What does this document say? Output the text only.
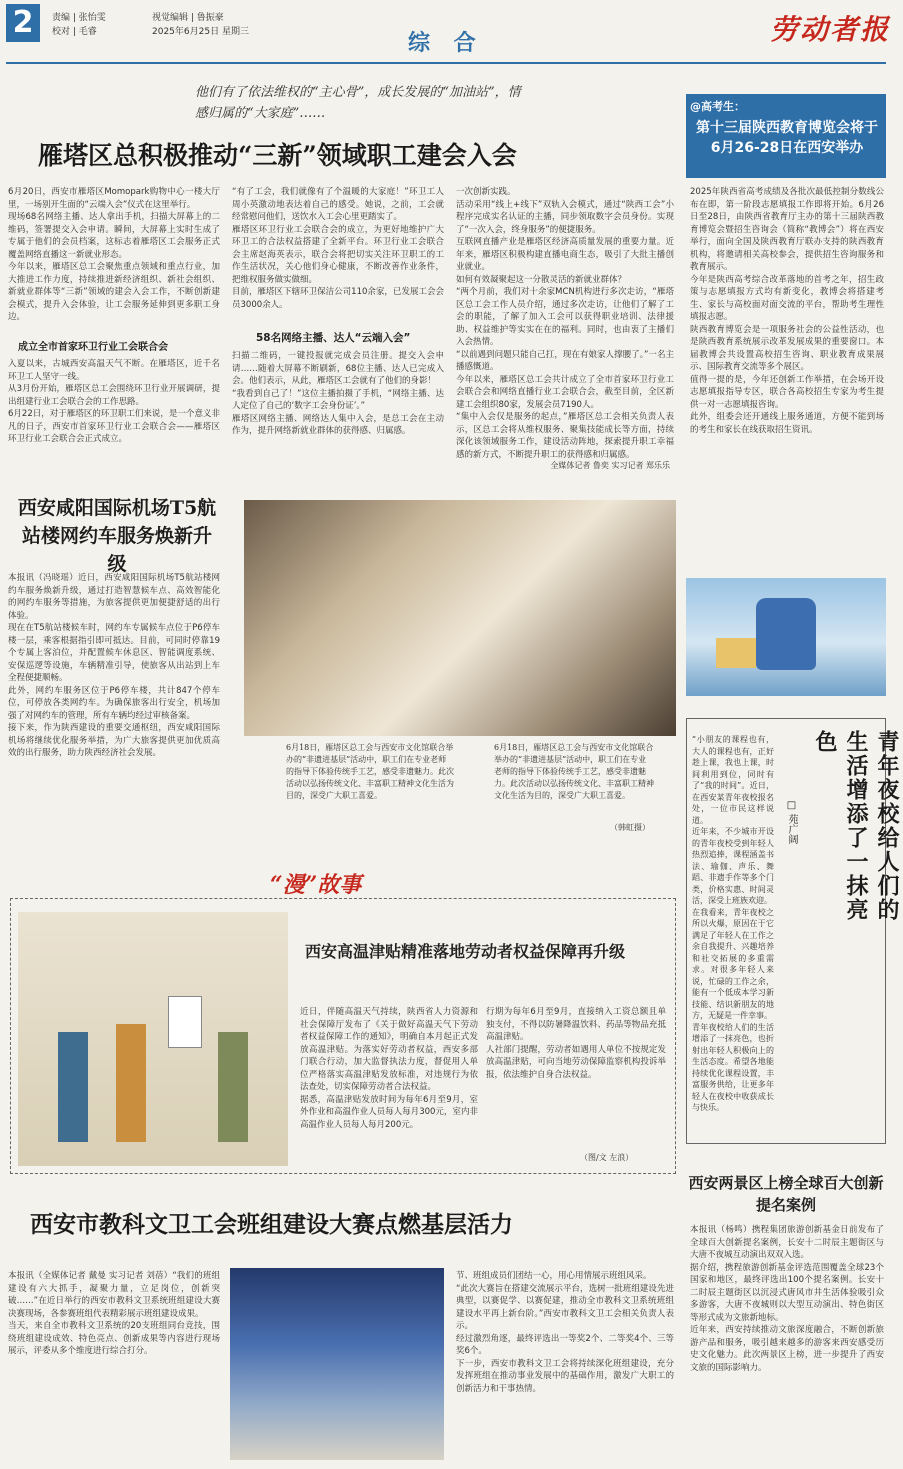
2	责编 | 张怡雯
校对 | 毛睿
视觉编辑 | 鲁振豪
2025年6月25日 星期三	综 合	劳动者报
他们有了依法维权的“主心骨”，成长发展的“加油站”，情感归属的“大家庭”……
雁塔区总积极推动“三新”领域职工建会入会
6月20日，西安市雁塔区Momopark购物中心一楼大厅里，一场别开生面的“云端入会”仪式在这里举行。
现场68名网络主播、达人拿出手机，扫描大屏幕上的二维码，签署提交入会申请。瞬间，大屏幕上实时生成了专属于他们的会员档案，这标志着雁塔区工会服务正式覆盖网络直播这一新就业形态。
今年以来，雁塔区总工会聚焦重点领域和重点行业，加大推进工作力度，持续推进新经济组织、新社会组织、新就业群体等“三新”领域的建会入会工作，不断创新建会模式，提升入会体验，让工会服务延伸到更多职工身边。
成立全市首家环卫行业工会联合会
入夏以来，古城西安高温天气不断。在雁塔区，近千名环卫工人坚守一线。
从3月份开始，雁塔区总工会围绕环卫行业开展调研，提出组建行业工会联合会的工作思路。
6月22日，对于雁塔区的环卫职工们来说，是一个意义非凡的日子，西安市首家环卫行业工会联合会——雁塔区环卫行业工会联合会正式成立。
“有了工会，我们就像有了个温暖的大家庭！”环卫工人周小英激动地表达着自己的感受。她说，之前，工会就经常慰问他们，送饮水入工会心里更踏实了。
雁塔区环卫行业工会联合会的成立，为更好地维护广大环卫工的合法权益搭建了全新平台。环卫行业工会联合会主席赵海英表示，联合会将把切实关注环卫职工的工作生活状况，关心他们身心健康，不断改善作业条件，把维权服务做实做细。
目前，雁塔区下辖环卫保洁公司110余家，已发展工会会员3000余人。
58名网络主播、达人“云端入会”
扫描二维码，一键投报就完成会员注册。提交入会申请……随着大屏幕不断刷新，68位主播、达人已完成入会。他们表示，从此，雁塔区工会就有了他们的身影！
“我看到自己了！”这位主播拍摄了手机，“网络主播、达人定位了自己的‘数字工会身份证’。”
雁塔区网络主播、网络达人集中入会，是总工会在主动作为，提升网络新就业群体的获得感、归属感。
一次创新实践。
活动采用“线上+线下”双轨入会模式，通过“陕西工会”小程序完成实名认证的主播，同步领取数字会员身份。实现了“一次入会，终身服务”的便捷服务。
互联网直播产业是雁塔区经济高质量发展的重要力量。近年来，雁塔区积极构建直播电商生态，吸引了大批主播创业就业。
如何有效凝聚起这一分散灵活的新就业群体？
“两个月前，我们对十余家MCN机构进行多次走访，“雁塔区总工会工作人员介绍，通过多次走访，让他们了解了工会的职能，了解了加入工会可以获得职业培训、法律援助、权益维护等实实在在的福利。同时，也由衷了主播们入会热情。
“以前遇到问题只能自己扛，现在有娘家人撑腰了。”一名主播感慨道。
今年以来，雁塔区总工会共计成立了全市首家环卫行业工会联合会和网络直播行业工会联合会，截至目前，全区新建工会组织80家，发展会员7190人。
“集中入会仅是服务的起点，”雁塔区总工会相关负责人表示，区总工会将从维权服务、聚集技能成长等方面，持续深化该领域服务工作，建设活动阵地，探索提升职工幸福感的新方式，不断提升职工的获得感和归属感。
全媒体记者 鲁奕 实习记者 郑乐乐
@高考生：
第十三届陕西教育博览会将于6月26-28日在西安举办
2025年陕西省高考成绩及各批次最低控制分数线公布在即，第一阶段志愿填报工作即将开始。6月26日至28日，由陕西省教育厅主办的第十三届陕西教育博览会暨招生咨询会（简称“教博会”）将在西安举行，面向全国及陕西教育厅联办支持的陕西教育机构，将邀请相关高校参会，提供招生咨询服务和教育展示。
今年是陕西高考综合改革落地的首考之年，招生政策与志愿填报方式均有新变化，教博会将搭建考生、家长与高校面对面交流的平台，帮助考生理性填报志愿。
陕西教育博览会是一项服务社会的公益性活动，也是陕西教育系统展示改革发展成果的重要窗口。本届教博会共设置高校招生咨询、职业教育成果展示、国际教育交流等多个展区。
值得一提的是，今年还创新工作举措，在会场开设志愿填报指导专区，联合各高校招生专家为考生提供一对一志愿填报咨询。
此外，组委会还开通线上服务通道，方便不能到场的考生和家长在线获取招生资讯。
西安咸阳国际机场T5航站楼网约车服务焕新升级
本报讯（冯晓瑶）近日，西安咸阳国际机场T5航站楼网约车服务焕新升级，通过打造智慧候车点、高效智能化的网约车服务等措施，为旅客提供更加便捷舒适的出行体验。
现在在T5航站楼候车时，网约车专属候车点位于P6停车楼一层，乘客根据指引即可抵达。目前，可同时停靠19个专属上客泊位，并配置候车休息区、智能调度系统、安保巡逻等设施，车辆精准引导，使旅客从出站到上车全程便捷顺畅。
此外，网约车服务区位于P6停车楼，共计847个停车位，可停放各类网约车。为确保旅客出行安全，机场加强了对网约车的管理，所有车辆均经过审核备案。
接下来，作为陕西建设的重要交通枢纽，西安咸阳国际机场将继续优化服务举措，为广大旅客提供更加优质高效的出行服务，助力陕西经济社会发展。
6月18日，雁塔区总工会与西安市文化馆联合举办的“非遗进基层”活动中，职工们在专业老师的指导下体验传统手工艺，感受非遗魅力。此次活动以弘扬传统文化、丰富职工精神文化生活为目的，深受广大职工喜爱。
6月18日，雁塔区总工会与西安市文化馆联合举办的“非遗进基层”活动中，职工们在专业老师的指导下体验传统手工艺，感受非遗魅力。此次活动以弘扬传统文化、丰富职工精神文化生活为目的，深受广大职工喜爱。
（韩虹摄）	青年夜校给人们的生活增添了一抹亮色
□ 苑广阔
“小朋友的课程也有，大人的课程也有，正好趁上课，我也上课，时间利用到位，同时有了“我的时间”。近日，在西安某青年夜校报名处，一位市民这样说道。
近年来，不少城市开设的青年夜校受到年轻人热烈追捧，课程涵盖书法、瑜伽、声乐、舞蹈、非遗手作等多个门类，价格实惠、时间灵活，深受上班族欢迎。
在我看来，青年夜校之所以火爆，原因在于它满足了年轻人在工作之余自我提升、兴趣培养和社交拓展的多重需求。对很多年轻人来说，忙碌的工作之余，能有一个低成本学习新技能、结识新朋友的地方，无疑是一件幸事。
青年夜校给人们的生活增添了一抹亮色，也折射出年轻人积极向上的生活态度。希望各地能持续优化课程设置，丰富服务供给，让更多年轻人在夜校中收获成长与快乐。
“漫”故事
西安高温津贴精准落地劳动者权益保障再升级
近日，伴随高温天气持续，陕西省人力资源和社会保障厅发布了《关于做好高温天气下劳动者权益保障工作的通知》，明确自本月起正式发放高温津贴。为落实好劳动者权益，西安多部门联合行动，加大监督执法力度，督促用人单位严格落实高温津贴发放标准，对违规行为依法查处，切实保障劳动者合法权益。
据悉，高温津贴发放时间为每年6月至9月，室外作业和高温作业人员每人每月300元，室内非高温作业人员每人每月200元。
行期为每年6月至9月，直接纳入工资总额且单独支付，不得以防暑降温饮料、药品等物品充抵高温津贴。
人社部门提醒，劳动者如遇用人单位不按规定发放高温津贴，可向当地劳动保障监察机构投诉举报，依法维护自身合法权益。
（图/文 左浪）
西安市教科文卫工会班组建设大赛点燃基层活力
本报讯（全媒体记者 戴曼 实习记者 刘蓓）“我们的班组建设有六大抓手，凝聚力量，立足岗位，创新突破……”在近日举行的西安市教科文卫系统班组建设大赛决赛现场，各参赛班组代表精彩展示班组建设成果。
当天，来自全市教科文卫系统的20支班组同台竞技，围绕班组建设成效、特色亮点、创新成果等内容进行现场展示，评委从多个维度进行综合打分。
节、班组成员们团结一心，用心用情展示班组风采。
“此次大赛旨在搭建交流展示平台，选树一批班组建设先进典型，以赛促学、以赛促建，推动全市教科文卫系统班组建设水平再上新台阶。”西安市教科文卫工会相关负责人表示。
经过激烈角逐，最终评选出一等奖2个、二等奖4个、三等奖6个。
下一步，西安市教科文卫工会将持续深化班组建设，充分发挥班组在推动事业发展中的基础作用，激发广大职工的创新活力和干事热情。
西安两景区上榜全球百大创新提名案例
本报讯（杨鸣）携程集团旅游创新基金日前发布了全球百大创新提名案例，长安十二时辰主题街区与大唐不夜城互动演出双双入选。
据介绍，携程旅游创新基金评选范围覆盖全球23个国家和地区，最终评选出100个提名案例。长安十二时辰主题街区以沉浸式唐风市井生活体验吸引众多游客，大唐不夜城则以大型互动演出、特色街区等形式成为文旅新地标。
近年来，西安持续推动文旅深度融合，不断创新旅游产品和服务，吸引越来越多的游客来西安感受历史文化魅力。此次两景区上榜，进一步提升了西安文旅的国际影响力。
